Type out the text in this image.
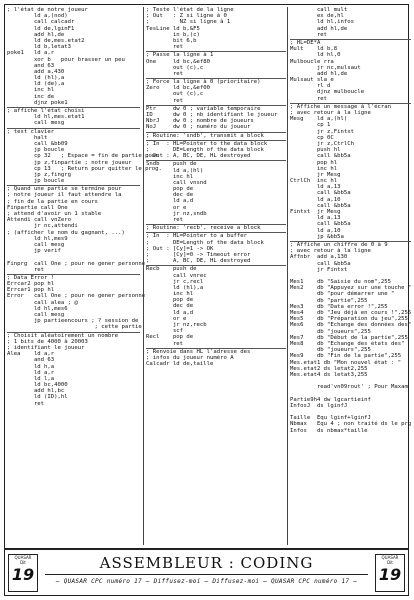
; l'état de notre joueur
ld a,(nod)
call calcadr
ld de,lginF1
add hl,de
ld de,mes.etat2
ld b,letat3
poke1   ld a,r
xor b   pour brasser un peu
and 63
add a,430
ld (hl),a
ld (de),a
inc hl
inc de
djnz poke1
; affiche l'état choisi
ld hl,mes.etat1
call mesg
; test clavier
halt
call &bb09
jp boucle
cp 32   ; Espace = fin de partie pour
jp z,finpartie ; notre joueur
cp 13   ; Return pour quitter le prog.
jp z,fingrg
jp boucle
; Quand une partie se termine pour
; notre joueur il faut attendre la
; fin de la partie en cours
Finpartie call One
; attend d'avoir un 1 stable
Attendi call vnZero
jr nc,attendi
; (afficher le nom du gagnant, ...)
ld hl,mes9
call mesg
jp verif
Finprg  call One ; pour ne gener personne
ret
; Data Error !
Errcar2 pop hl
Errcar1 pop hl
Error   call One ; pour ne gener personne
call alea ; @
ld hl,mes6
call mesg
jp partieencours ; ? session de
; cette partie
; Choisit aléatoirement un nombre
; 1 bits de 4000 à 20003
; identifiant le joueur
Alea    ld a,r
and 63
ld h,a
ld a,r
ld l,a
ld bc,4000
add hl,bc
ld (ID),hl
ret
; Teste l'état de la ligne
; Out   : Z si ligne à 0
;         NZ si ligne à 1
TesLine ld b,&F5
in b,(c)
bit 6,b
ret
; Passe la ligne à 1
One     ld bc,&ef80
out (c),c
ret
; Force la ligne à 0 (prioritaire)
Zero    ld bc,&ef00
out (c),c
ret
Ptr     dw 0 ; variable temporaire
ID      dw 0 ; nb identifiant le joueur
NbrJ    dw 0 ; nombre de joueurs
NoJ     dw 0 ; numéro du joueur
; Routine: 'sndb', transmit a block
; In  : HL=Pointer to the data block
;       DE=Length of the data block
; Out : A, BC, DE, HL destroyed
Sndb    push de
ld a,(hl)
inc hl
call vnsnd
pop de
dec de
ld a,d
or e
jr nz,sndb
ret
; Routine: 'recb', receive a block
; In  : HL=Pointer to a buffer
;       DE=Length of the data block
; Out : [Cy]=1 -> OK
;       [Cy]=0 -> Timeout error
;       A, BC, DE, HL destroyed
Recb    push de
call vnrec
jr c,recl
ld (hl),a
inc hl
pop de
dec de
ld a,d
or e
jr nz,recb
scf
Recl    pop de
ret
; Renvoie dans HL l'adresse des
; infos du joueur numéro A
Calcadr ld de,taille
call mult
ex de,hl
ld hl,infos
add hl,de
ret
; HL=DE*A
Mult    ld b,8
ld hl,0
Mulboucle rra
jr nc,mulsaut
add hl,de
Mulsaut sla e
rl d
djnz mulboucle
ret
; Affiche un message à l'écran
; avec retour à la ligne
Mesg    ld a,(hl)
cp 1
jr z,Fintxt
cp 0C
jr z,CtrlCh
push hl
call &bb5a
pop hl
inc hl
jr Mesg
CtrlCh  inc hl
ld a,13
call &bb5a
ld a,10
call &bb5a
Fintxt  jr Mesg
ld a,13
call &bb5a
ld a,10
jp &bb5a
; Affiche un chiffre de 0 à 9
; avec retour à la ligne
Affnbr  add a,130
call &bb5a
jr Fintxt
Mes1    db "Saisie du nom",255
Mes2    db "Appuyez sur une touche "
db "pour démarrer une "
db "partie",255
Mes3    db "Data error !",255
Mes4    db "Jeu déjà en cours !",255
Mes5    db "Préparation du jeu",255
Mes6    db "Echange des données des"
db "joueurs",255
Mes7    db "Début de la partie",255
Mes8    db "Echange des états des"
db "joueurs",255
Mes9    db "Fin de la partie",255
Mes.etat1 db "Mon nouvel état : "
Mes.etat2 ds letat2,255
Mes.etat4 ds letat3,255
read'vn09rout' ; Pour Maxam
Partie9h4 dw lgcartieinf
InfosJ  ds lginfJ
Taille  Equ lginf+lginfJ
Nbmax   Equ 4 ; non traité ds le prg
Infos   ds nbmax*taille
QUASAR
Dit
19
ASSEMBLEUR : CODING
— QUASAR CPC numéro 17 — Diffusez-moi — Diffusez-moi — QUASAR CPC numéro 17 —
QUASAR
Dit
19
